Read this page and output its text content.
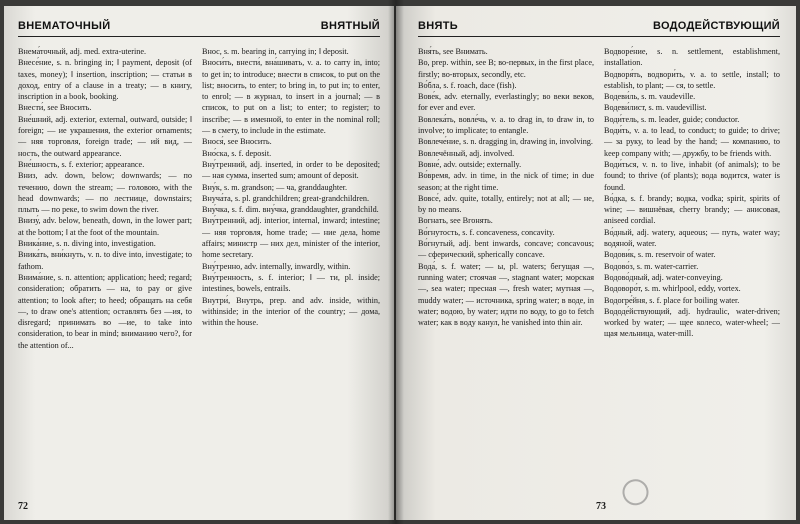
ВНЕМАТОЧНЫЙ	ВНЯТНЫЙ

Внема́точный, adj. med. extra-uterine.

Внесе́ние, s. n. bringing in; ‖ payment, deposit (of taxes, money); ‖ insertion, inscription; — статьи в доход, entry of a clause in a treaty; — в книгу, inscription in a book, booking.

Внести́, see Вносить.

Вне́шний, adj. exterior, external, outward, outside; ‖ foreign; — ие украшения, the exterior ornaments; — няя торговля, foreign trade; — ий вид, — ность, the outward appearance.

Вне́шность, s. f. exterior; appearance.

Вниз, adv. down, below; downwards; — по течению, down the stream; — головою, with the head downwards; — по лестнице, downstairs; плыть — по реке, to swim down the river.

Внизу́, adv. below, beneath, down, in the lower part; at the bottom; ‖ at the foot of the mountain.

Вника́ние, s. n. diving into, investigation.

Вника́ть, вни́кнуть, v. n. to dive into, investigate; to fathom.

Внима́ние, s. n. attention; application; heed; regard; consideration; обратить — на, to pay or give attention; to look after; to heed; обращать на себя —, to draw one's attention; оставлять без —ия, to disregard; принимать во —ие, to take into consideration, to bear in mind; вниманию чего?, for the attention of...

Внос, s. m. bearing in, carrying in; ‖ deposit.

Вноси́ть, внести́, вна́шивать, v. a. to carry in, into; to get in; to introduce; внести в список, to put on the list; вносить, to enter; to bring in, to put in; to enter, to enrol; — в журнал, to insert in a journal; — в список, to put on a list; to enter; to register; to inscribe; — в именной, to enter in the nominal roll; — в смету, to include in the estimate.

Внося́, see Вносить.

Вно́ска, s. f. deposit.

Вну́тренний, adj. inserted, in order to be deposited; — ная сумма, inserted sum; amount of deposit.

Вну́к, s. m. grandson; — ча, granddaughter.

Внуча́та, s. pl. grandchildren; great-grandchildren.

Вну́чка, s. f. dim. вну́чка, granddaughter, grandchild.

Вну́тренний, adj. interior, internal, inward; intestine; — няя торговля, home trade; — ние дела, home affairs; министр — них дел, minister of the interior, home secretary.

Вну́тренно, adv. internally, inwardly, within.

Вну́тренность, s. f. interior; ‖ — ти, pl. inside; intestines, bowels, entrails.

Внутри́, Внутрь, prep. and adv. inside, within, withinside; in the interior of the country; — дома, within the house.

72
ВНЯТЬ	ВОДОДЕЙСТВУЮЩИЙ

Вня́ть, see Внимать.

Во, prep. within, see В; во-первых, in the first place, firstly; во-вторых, secondly, etc.

Во́бла, s. f. roach, dace (fish).

Вове́к, adv. eternally, everlastingly; во веки веков, for ever and ever.

Вовлека́ть, вовле́чь, v. a. to drag in, to draw in, to involve; to implicate; to entangle.

Вовлече́ние, s. n. dragging in, drawing in, involving.

Вовлечённый, adj. involved.

Вовне́, adv. outside; externally.

Во́время, adv. in time, in the nick of time; in due season; at the right time.

Вовсе́, adv. quite, totally, entirely; not at all; — не, by no means.

Вогнать, see Вгонять.

Во́гнутость, s. f. concaveness, concavity.

Во́гнутый, adj. bent inwards, concave; concavous; — сферический, spherically concave.

Вода́, s. f. water; — ы, pl. waters; бегущая —, running water; стоячая —, stagnant water; морская —, sea water; пресная —, fresh water; мутная —, muddy water; — источника, spring water; в воде, in water; водою, by water; идти по воду, to go to fetch water; как в воду канул, he vanished into thin air.

Водворе́ние, s. n. settlement, establishment, installation.

Водворя́ть, водвори́ть, v. a. to settle, install; to establish, to plant; — ся, to settle.

Водеви́ль, s. m. vaudeville.

Водеви́лист, s. m. vaudevillist.

Води́тель, s. m. leader, guide; conductor.

Води́ть, v. a. to lead, to conduct; to guide; to drive; — за руку, to lead by the hand; — компанию, to keep company with; — дружбу, to be friends with.

Води́ться, v. n. to live, inhabit (of animals); to be found; to thrive (of plants); вода водится, water is found.

Во́дка, s. f. brandy; водка, vodka; spirit, spirits of wine; — вишнёвая, cherry brandy; — анисовая, aniseed cordial.

Во́дный, adj. watery, aqueous; — путь, water way; водяной, water.

Водови́к, s. m. reservoir of water.

Водово́з, s. m. water-carrier.

Водово́дный, adj. water-conveying.

Водоворо́т, s. m. whirlpool, eddy, vortex.

Водогре́йня, s. f. place for boiling water.

Вододе́йствующий, adj. hydraulic, water-driven; worked by water; — щее колесо, water-wheel; — щая мельница, water-mill.

73
